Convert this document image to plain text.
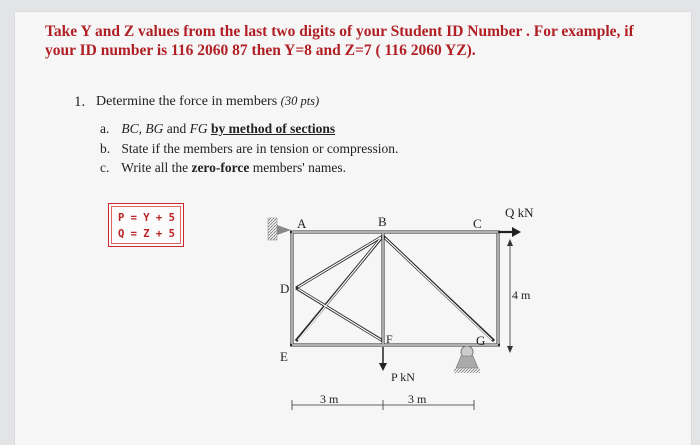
Take Y and Z values from the last two digits of your Student ID Number . For example, if
your ID number is 116 2060 87 then Y=8 and Z=7 ( 116 2060 YZ).
1. Determine the force in members (30 pts)
a. BC, BG and FG by method of sections
b. State if the members are in tension or compression.
c. Write all the zero-force members' names.
P = Y + 5
Q = Z + 5
A	B	C
D
E
F	G
Q kN
P kN
4 m
3 m	3 m
